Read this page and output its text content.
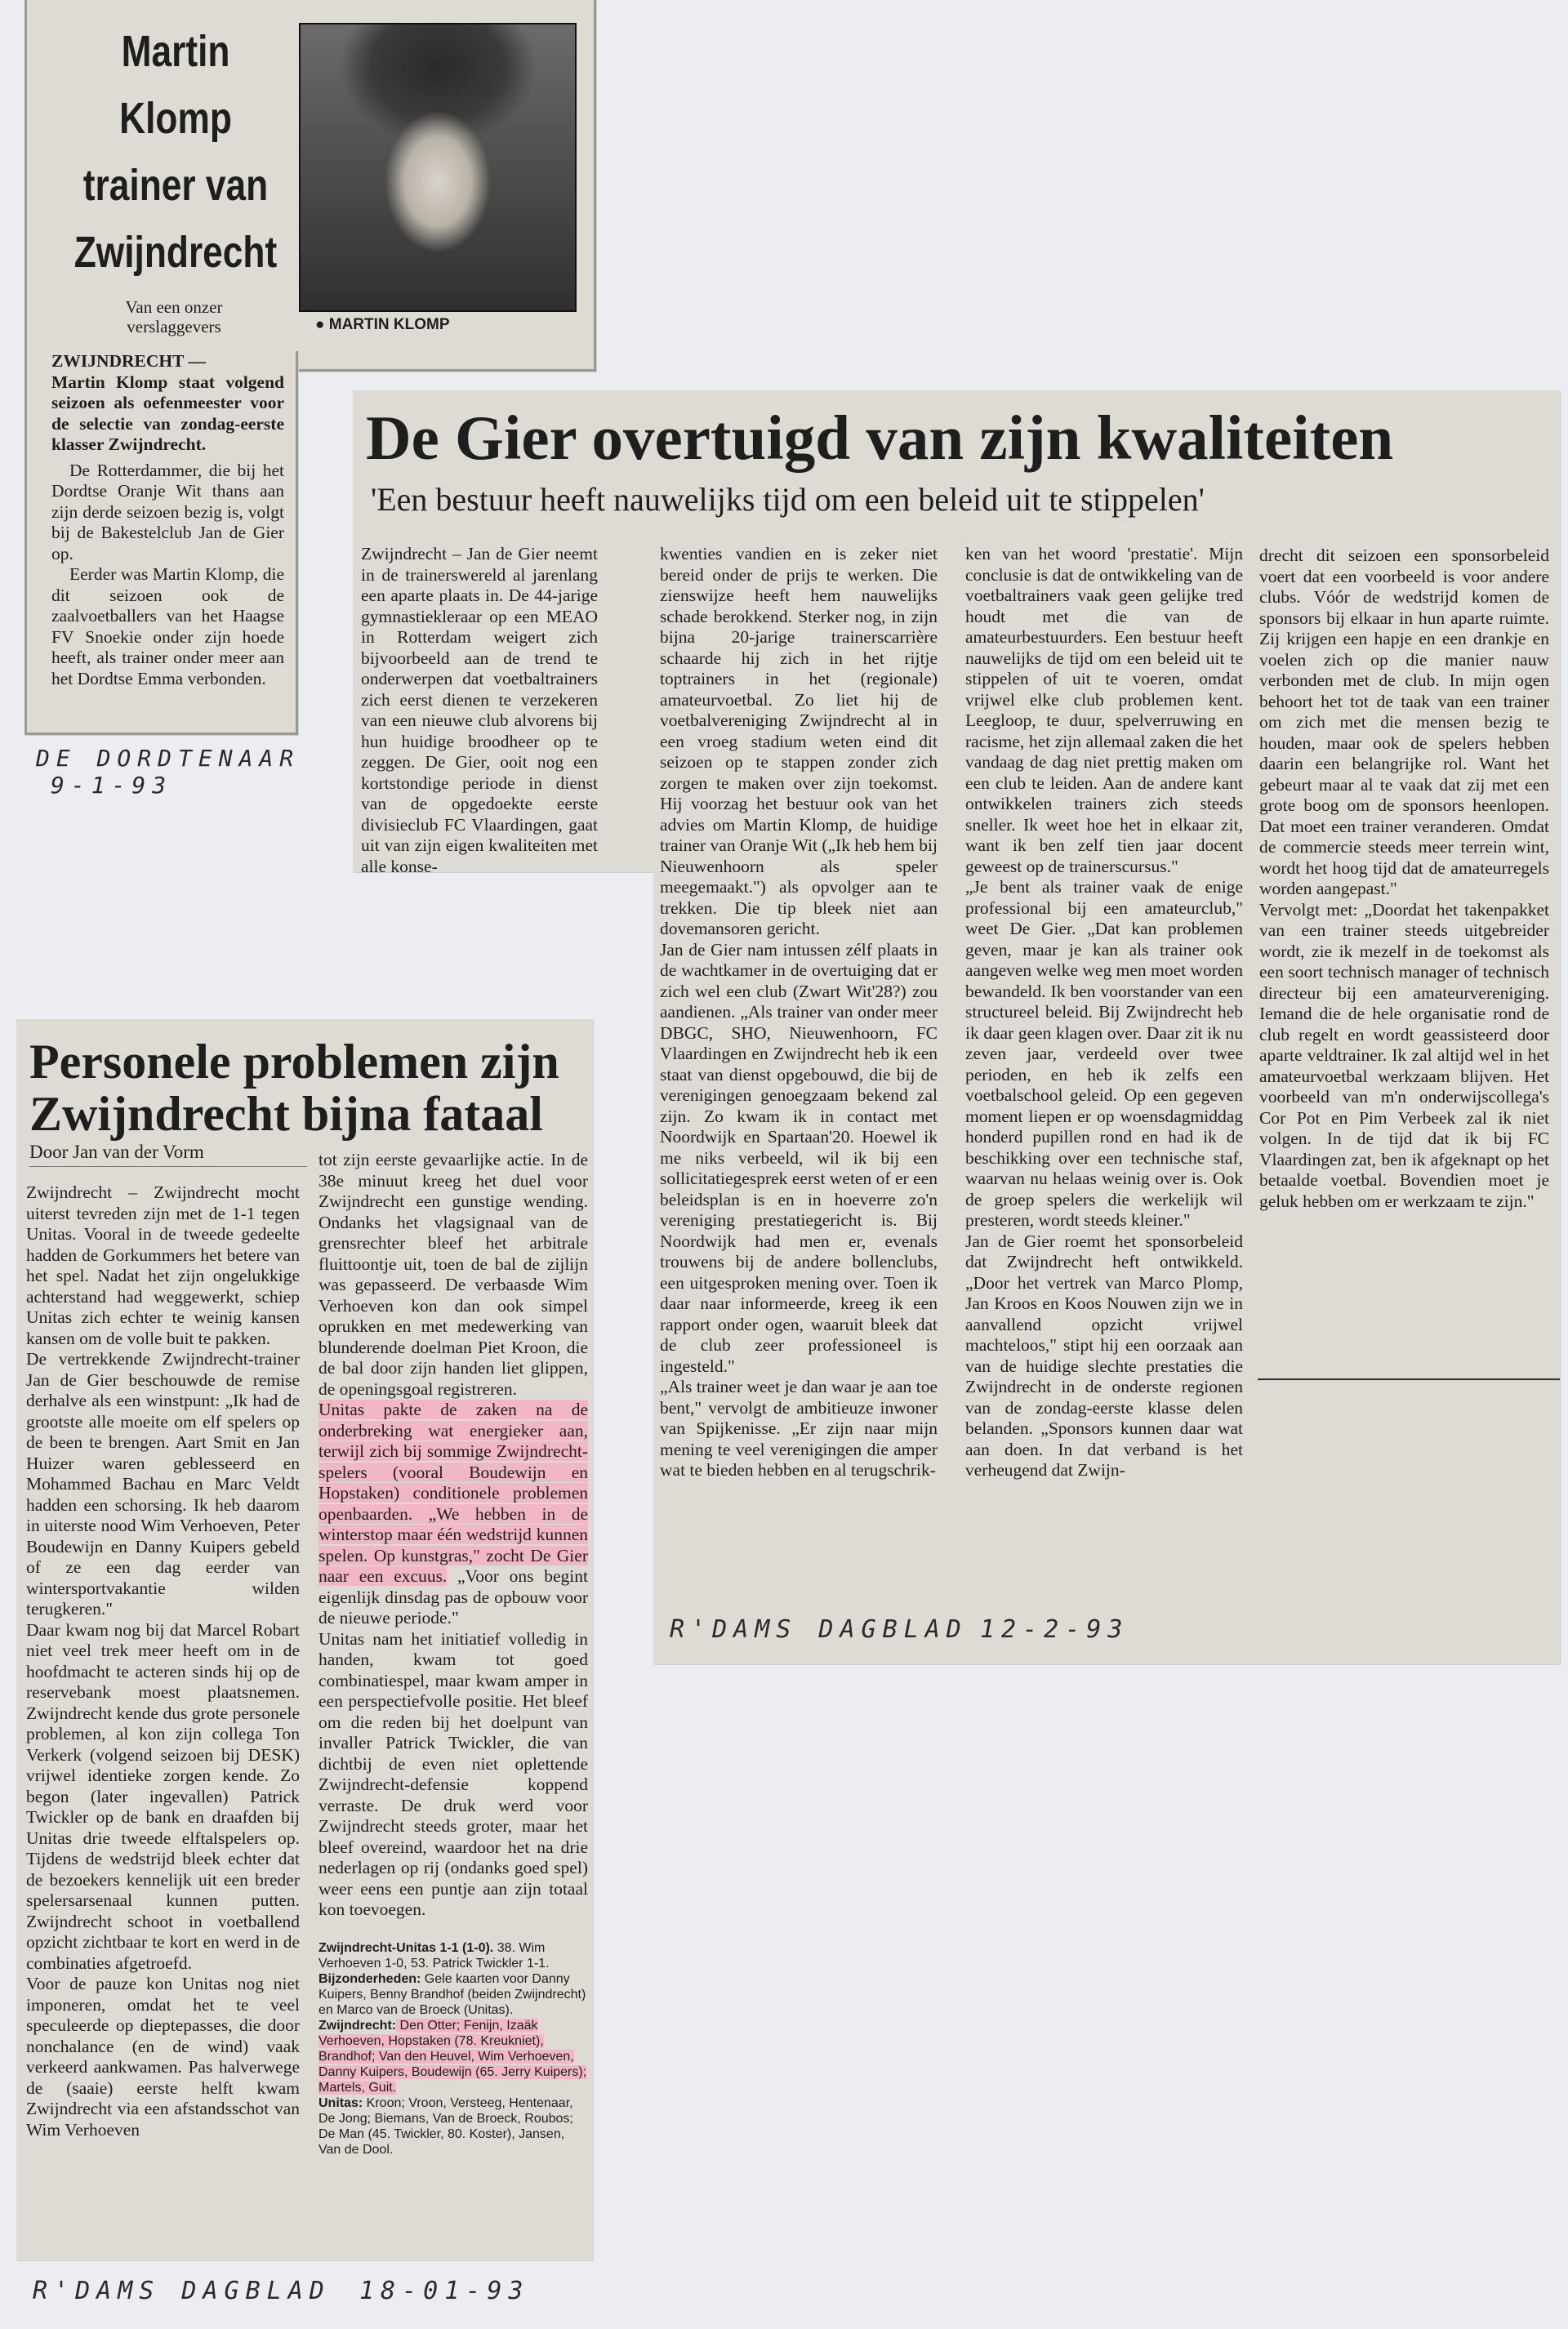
Martin Klomp trainer van Zwijndrecht
● MARTIN KLOMP
Van een onzer verslaggevers

ZWIJNDRECHT —

Martin Klomp staat volgend seizoen als oefenmeester voor de selectie van zondag-eerste klasser Zwijndrecht.

De Rotterdammer, die bij het Dordtse Oranje Wit thans aan zijn derde seizoen bezig is, volgt bij de Bakestelclub Jan de Gier op.

Eerder was Martin Klomp, die dit seizoen ook de zaalvoetballers van het Haagse FV Snoekie onder zijn hoede heeft, als trainer onder meer aan het Dordtse Emma verbonden.

DE DORDTENAAR
9-1-93
De Gier overtuigd van zijn kwaliteiten
'Een bestuur heeft nauwelijks tijd om een beleid uit te stippelen'

Zwijndrecht – Jan de Gier neemt in de trainerswereld al jarenlang een aparte plaats in. De 44-jarige gymnastiekleraar op een MEAO in Rotterdam weigert zich bijvoorbeeld aan de trend te onderwerpen dat voetbaltrainers zich eerst dienen te verzekeren van een nieuwe club alvorens bij hun huidige broodheer op te zeggen. De Gier, ooit nog een kortstondige periode in dienst van de opgedoekte eerste divisieclub FC Vlaardingen, gaat uit van zijn eigen kwaliteiten met alle konse-

kwenties vandien en is zeker niet bereid onder de prijs te werken. Die zienswijze heeft hem nauwelijks schade berokkend. Sterker nog, in zijn bijna 20-jarige trainerscarrière schaarde hij zich in het rijtje toptrainers in het (regionale) amateurvoetbal. Zo liet hij de voetbalvereniging Zwijndrecht al in een vroeg stadium weten eind dit seizoen op te stappen zonder zich zorgen te maken over zijn toekomst. Hij voorzag het bestuur ook van het advies om Martin Klomp, de huidige trainer van Oranje Wit („Ik heb hem bij Nieuwenhoorn als speler meegemaakt.") als opvolger aan te trekken. Die tip bleek niet aan dovemansoren gericht.
Jan de Gier nam intussen zélf plaats in de wachtkamer in de overtuiging dat er zich wel een club (Zwart Wit'28?) zou aandienen. „Als trainer van onder meer DBGC, SHO, Nieuwenhoorn, FC Vlaardingen en Zwijndrecht heb ik een staat van dienst opgebouwd, die bij de verenigingen genoegzaam bekend zal zijn. Zo kwam ik in contact met Noordwijk en Spartaan'20. Hoewel ik me niks verbeeld, wil ik bij een sollicitatiegesprek eerst weten of er een beleidsplan is en in hoeverre zo'n vereniging prestatiegericht is. Bij Noordwijk had men er, evenals trouwens bij de andere bollenclubs, een uitgesproken mening over. Toen ik daar naar informeerde, kreeg ik een rapport onder ogen, waaruit bleek dat de club zeer professioneel is ingesteld."
„Als trainer weet je dan waar je aan toe bent," vervolgt de ambitieuze inwoner van Spijkenisse. „Er zijn naar mijn mening te veel verenigingen die amper wat te bieden hebben en al terugschrik-

ken van het woord 'prestatie'. Mijn conclusie is dat de ontwikkeling van de voetbaltrainers vaak geen gelijke tred houdt met die van de amateurbestuurders. Een bestuur heeft nauwelijks de tijd om een beleid uit te stippelen of uit te voeren, omdat vrijwel elke club problemen kent. Leegloop, te duur, spelverruwing en racisme, het zijn allemaal zaken die het vandaag de dag niet prettig maken om een club te leiden. Aan de andere kant ontwikkelen trainers zich steeds sneller. Ik weet hoe het in elkaar zit, want ik ben zelf tien jaar docent geweest op de trainerscursus."
„Je bent als trainer vaak de enige professional bij een amateurclub," weet De Gier. „Dat kan problemen geven, maar je kan als trainer ook aangeven welke weg men moet worden bewandeld. Ik ben voorstander van een structureel beleid. Bij Zwijndrecht heb ik daar geen klagen over. Daar zit ik nu zeven jaar, verdeeld over twee perioden, en heb ik zelfs een voetbalschool geleid. Op een gegeven moment liepen er op woensdagmiddag honderd pupillen rond en had ik de beschikking over een technische staf, waarvan nu helaas weinig over is. Ook de groep spelers die werkelijk wil presteren, wordt steeds kleiner."
Jan de Gier roemt het sponsorbeleid dat Zwijndrecht heft ontwikkeld. „Door het vertrek van Marco Plomp, Jan Kroos en Koos Nouwen zijn we in aanvallend opzicht vrijwel machteloos," stipt hij een oorzaak aan van de huidige slechte prestaties die Zwijndrecht in de onderste regionen van de zondag-eerste klasse delen belanden. „Sponsors kunnen daar wat aan doen. In dat verband is het verheugend dat Zwijn-

drecht dit seizoen een sponsorbeleid voert dat een voorbeeld is voor andere clubs. Vóór de wedstrijd komen de sponsors bij elkaar in hun aparte ruimte. Zij krijgen een hapje en een drankje en voelen zich op die manier nauw verbonden met de club. In mijn ogen behoort het tot de taak van een trainer om zich met die mensen bezig te houden, maar ook de spelers hebben daarin een belangrijke rol. Want het gebeurt maar al te vaak dat zij met een grote boog om de sponsors heenlopen. Dat moet een trainer veranderen. Omdat de commercie steeds meer terrein wint, wordt het hoog tijd dat de amateurregels worden aangepast."
Vervolgt met: „Doordat het takenpakket van een trainer steeds uitgebreider wordt, zie ik mezelf in de toekomst als een soort technisch manager of technisch directeur bij een amateurvereniging. Iemand die de hele organisatie rond de club regelt en wordt geassisteerd door aparte veldtrainer. Ik zal altijd wel in het amateurvoetbal werkzaam blijven. Het voorbeeld van m'n onderwijscollega's Cor Pot en Pim Verbeek zal ik niet volgen. In de tijd dat ik bij FC Vlaardingen zat, ben ik afgeknapt op het betaalde voetbal. Bovendien moet je geluk hebben om er werkzaam te zijn."

R'DAMS DAGBLAD 12-2-93
Personele problemen zijn Zwijndrecht bijna fataal
Door Jan van der Vorm

Zwijndrecht – Zwijndrecht mocht uiterst tevreden zijn met de 1-1 tegen Unitas. Vooral in de tweede gedeelte hadden de Gorkummers het betere van het spel. Nadat het zijn ongelukkige achterstand had weggewerkt, schiep Unitas zich echter te weinig kansen kansen om de volle buit te pakken.
De vertrekkende Zwijndrecht-trainer Jan de Gier beschouwde de remise derhalve als een winstpunt: „Ik had de grootste alle moeite om elf spelers op de been te brengen. Aart Smit en Jan Huizer waren geblesseerd en Mohammed Bachau en Marc Veldt hadden een schorsing. Ik heb daarom in uiterste nood Wim Verhoeven, Peter Boudewijn en Danny Kuipers gebeld of ze een dag eerder van wintersportvakantie wilden terugkeren."
Daar kwam nog bij dat Marcel Robart niet veel trek meer heeft om in de hoofdmacht te acteren sinds hij op de reservebank moest plaatsnemen. Zwijndrecht kende dus grote personele problemen, al kon zijn collega Ton Verkerk (volgend seizoen bij DESK) vrijwel identieke zorgen kende. Zo begon (later ingevallen) Patrick Twickler op de bank en draafden bij Unitas drie tweede elftalspelers op. Tijdens de wedstrijd bleek echter dat de bezoekers kennelijk uit een breder spelersarsenaal kunnen putten. Zwijndrecht schoot in voetballend opzicht zichtbaar te kort en werd in de combinaties afgetroefd.
Voor de pauze kon Unitas nog niet imponeren, omdat het te veel speculeerde op dieptepasses, die door nonchalance (en de wind) vaak verkeerd aankwamen. Pas halverwege de (saaie) eerste helft kwam Zwijndrecht via een afstandsschot van Wim Verhoeven

tot zijn eerste gevaarlijke actie. In de 38e minuut kreeg het duel voor Zwijndrecht een gunstige wending. Ondanks het vlagsignaal van de grensrechter bleef het arbitrale fluittoontje uit, toen de bal de zijlijn was gepasseerd. De verbaasde Wim Verhoeven kon dan ook simpel oprukken en met medewerking van blunderende doelman Piet Kroon, die de bal door zijn handen liet glippen, de openingsgoal registreren.
Unitas pakte de zaken na de onderbreking wat energieker aan, terwijl zich bij sommige Zwijndrecht-spelers (vooral Boudewijn en Hopstaken) conditionele problemen openbaarden. „We hebben in de winterstop maar één wedstrijd kunnen spelen. Op kunstgras," zocht De Gier naar een excuus. „Voor ons begint eigenlijk dinsdag pas de opbouw voor de nieuwe periode."
Unitas nam het initiatief volledig in handen, kwam tot goed combinatiespel, maar kwam amper in een perspectiefvolle positie. Het bleef om die reden bij het doelpunt van invaller Patrick Twickler, die van dichtbij de even niet oplettende Zwijndrecht-defensie koppend verraste. De druk werd voor Zwijndrecht steeds groter, maar het bleef overeind, waardoor het na drie nederlagen op rij (ondanks goed spel) weer eens een puntje aan zijn totaal kon toevoegen.

Zwijndrecht-Unitas 1-1 (1-0). 38. Wim Verhoeven 1-0, 53. Patrick Twickler 1-1.
Bijzonderheden: Gele kaarten voor Danny Kuipers, Benny Brandhof (beiden Zwijndrecht) en Marco van de Broeck (Unitas).
Zwijndrecht: Den Otter; Fenijn, Izaäk Verhoeven, Hopstaken (78. Kreukniet), Brandhof; Van den Heuvel, Wim Verhoeven, Danny Kuipers, Boudewijn (65. Jerry Kuipers); Martels, Guit.
Unitas: Kroon; Vroon, Versteeg, Hentenaar, De Jong; Biemans, Van de Broeck, Roubos; De Man (45. Twickler, 80. Koster), Jansen, Van de Dool.
R'DAMS DAGBLAD 18-01-93
